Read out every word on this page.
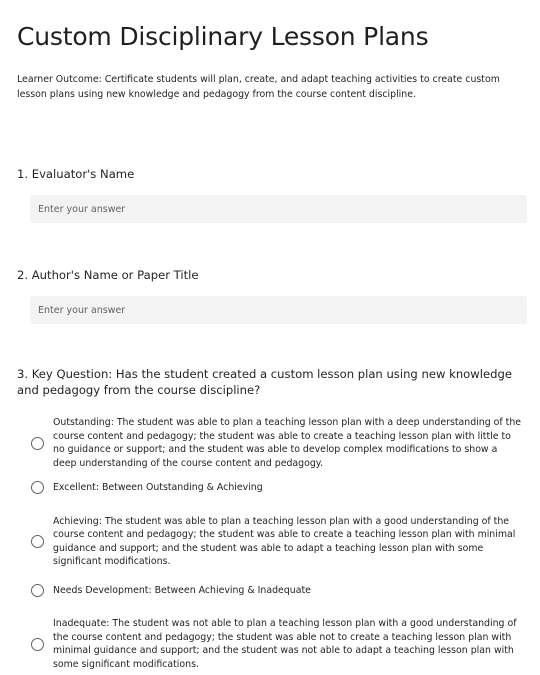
Custom Disciplinary Lesson Plans
Learner Outcome: Certificate students will plan, create, and adapt teaching activities to create custom lesson plans using new knowledge and pedagogy from the course content discipline.
1. Evaluator's Name
Enter your answer
2. Author's Name or Paper Title
Enter your answer
3. Key Question: Has the student created a custom lesson plan using new knowledge and pedagogy from the course discipline?
Outstanding: The student was able to plan a teaching lesson plan with a deep understanding of the course content and pedagogy; the student was able to create a teaching lesson plan with little to no guidance or support; and the student was able to develop complex modifications to show a deep understanding of the course content and pedagogy.
Excellent: Between Outstanding & Achieving
Achieving: The student was able to plan a teaching lesson plan with a good understanding of the course content and pedagogy; the student was able to create a teaching lesson plan with minimal guidance and support; and the student was able to adapt a teaching lesson plan with some significant modifications.
Needs Development: Between Achieving & Inadequate
Inadequate: The student was not able to plan a teaching lesson plan with a good understanding of the course content and pedagogy; the student was able not to create a teaching lesson plan with minimal guidance and support; and the student was not able to adapt a teaching lesson plan with some significant modifications.
